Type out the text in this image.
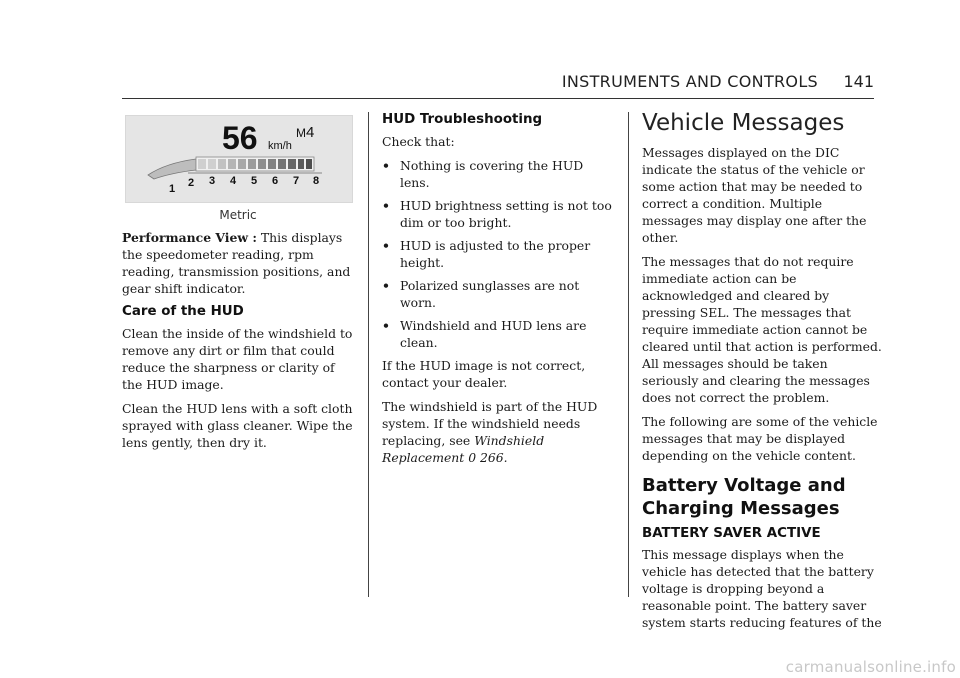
INSTRUMENTS AND CONTROLS 141
56 km/h
M 4
1 2 3 4 5 6 7 8
Metric

Performance View : This displays the speedometer reading, rpm reading, transmission positions, and gear shift indicator.

Care of the HUD

Clean the inside of the windshield to remove any dirt or film that could reduce the sharpness or clarity of the HUD image.

Clean the HUD lens with a soft cloth sprayed with glass cleaner. Wipe the lens gently, then dry it.

HUD Troubleshooting

Check that:

• Nothing is covering the HUD lens.
• HUD brightness setting is not too dim or too bright.
• HUD is adjusted to the proper height.
• Polarized sunglasses are not worn.
• Windshield and HUD lens are clean.

If the HUD image is not correct, contact your dealer.

The windshield is part of the HUD system. If the windshield needs replacing, see Windshield Replacement 0 266.

Vehicle Messages

Messages displayed on the DIC indicate the status of the vehicle or some action that may be needed to correct a condition. Multiple messages may display one after the other.

The messages that do not require immediate action can be acknowledged and cleared by pressing SEL. The messages that require immediate action cannot be cleared until that action is performed. All messages should be taken seriously and clearing the messages does not correct the problem.

The following are some of the vehicle messages that may be displayed depending on the vehicle content.

Battery Voltage and Charging Messages
BATTERY SAVER ACTIVE

This message displays when the vehicle has detected that the battery voltage is dropping beyond a reasonable point. The battery saver system starts reducing features of the

carmanualsonline.info
